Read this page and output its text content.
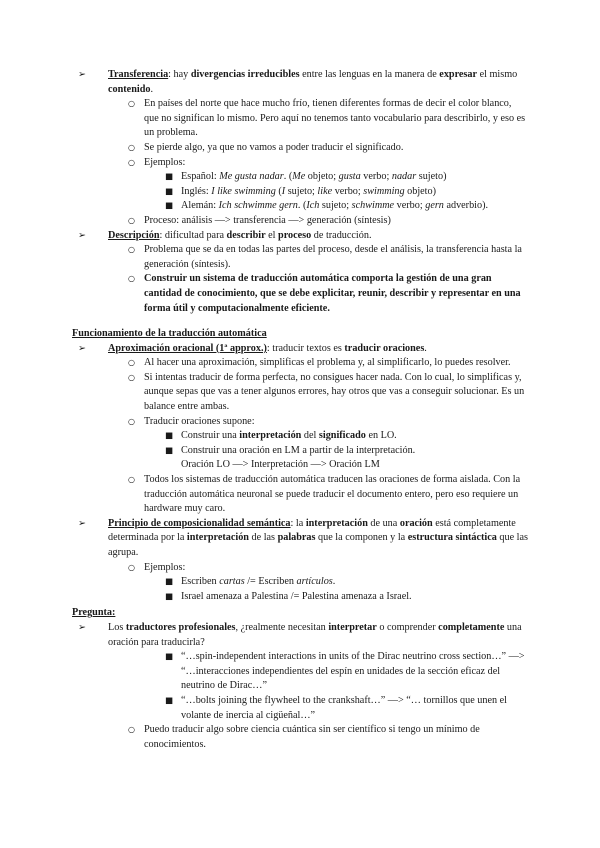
➢ Transferencia: hay divergencias irreducibles entre las lenguas en la manera de expresar el mismo contenido.
○ En países del norte que hace mucho frío, tienen diferentes formas de decir el color blanco, que no significan lo mismo. Pero aquí no tenemos tanto vocabulario para describirlo, y eso es un problema.
○ Se pierde algo, ya que no vamos a poder traducir el significado.
○ Ejemplos:
■ Español: Me gusta nadar. (Me objeto; gusta verbo; nadar sujeto)
■ Inglés: I like swimming (I sujeto; like verbo; swimming objeto)
■ Alemán: Ich schwimme gern. (Ich sujeto; schwimme verbo; gern adverbio).
○ Proceso: análisis —> transferencia —> generación (síntesis)
➢ Descripción: dificultad para describir el proceso de traducción.
○ Problema que se da en todas las partes del proceso, desde el análisis, la transferencia hasta la generación (síntesis).
○ Construir un sistema de traducción automática comporta la gestión de una gran cantidad de conocimiento, que se debe explicitar, reunir, describir y representar en una forma útil y computacionalmente eficiente.
Funcionamiento de la traducción automática
➢ Aproximación oracional (1ª approx.): traducir textos es traducir oraciones.
○ Al hacer una aproximación, simplificas el problema y, al simplificarlo, lo puedes resolver.
○ Si intentas traducir de forma perfecta, no consigues hacer nada. Con lo cual, lo simplificas y, aunque sepas que vas a tener algunos errores, hay otros que vas a conseguir solucionar. Es un balance entre ambas.
○ Traducir oraciones supone:
■ Construir una interpretación del significado en LO.
■ Construir una oración en LM a partir de la interpretación.
Oración LO —> Interpretación —> Oración LM
○ Todos los sistemas de traducción automática traducen las oraciones de forma aislada. Con la traducción automática neuronal se puede traducir el documento entero, pero eso requiere un hardware muy caro.
➢ Principio de composicionalidad semántica: la interpretación de una oración está completamente determinada por la interpretación de las palabras que la componen y la estructura sintáctica que las agrupa.
○ Ejemplos:
■ Escriben cartas /= Escriben artículos.
■ Israel amenaza a Palestina /= Palestina amenaza a Israel.
Pregunta:
➢ Los traductores profesionales, ¿realmente necesitan interpretar o comprender completamente una oración para traducirla?
■ “…spin-independent interactions in units of the Dirac neutrino cross section…” —> “…interacciones independientes del espín en unidades de la sección eficaz del neutrino de Dirac…”
■ “…bolts joining the flywheel to the crankshaft…” —> “… tornillos que unen el volante de inercia al cigüeñal…”
○ Puedo traducir algo sobre ciencia cuántica sin ser científico si tengo un mínimo de conocimientos.
